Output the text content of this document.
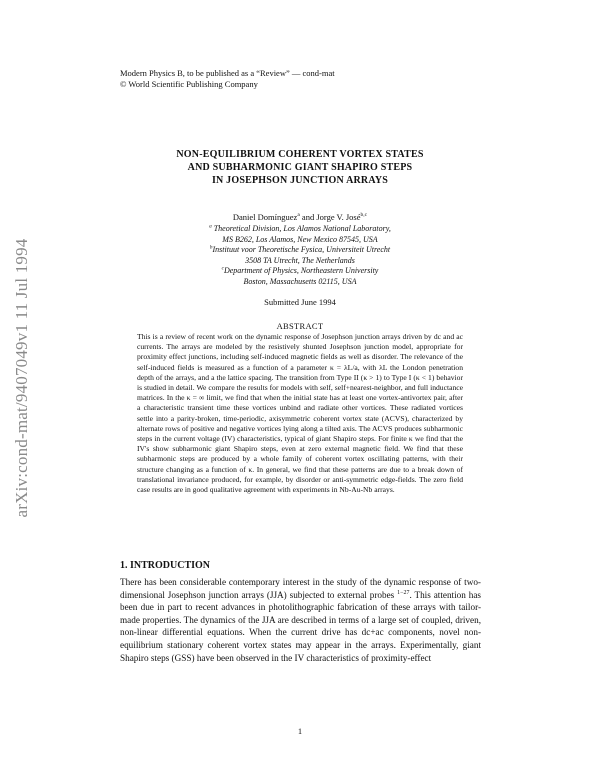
arXiv:cond-mat/9407049v1 11 Jul 1994
Modern Physics B, to be published as a “Review” — cond-mat
© World Scientific Publishing Company
NON-EQUILIBRIUM COHERENT VORTEX STATES
AND SUBHARMONIC GIANT SHAPIRO STEPS
IN JOSEPHSON JUNCTION ARRAYS
Daniel Domínguez$^a$ and Jorge V. José$^{b,c}$
$^a$ Theoretical Division, Los Alamos National Laboratory,
MS B262, Los Alamos, New Mexico 87545, USA
$^b$Instituut voor Theoretische Fysica, Universiteit Utrecht
3508 TA Utrecht, The Netherlands
$^c$Department of Physics, Northeastern University
Boston, Massachusetts 02115, USA
Submitted June 1994
ABSTRACT
This is a review of recent work on the dynamic response of Josephson junction arrays driven by dc and ac currents. The arrays are modeled by the resistively shunted Josephson junction model, appropriate for proximity effect junctions, including self-induced magnetic fields as well as disorder. The relevance of the self-induced fields is measured as a function of a parameter κ = λL/a, with λL the London penetration depth of the arrays, and a the lattice spacing. The transition from Type II (κ > 1) to Type I (κ < 1) behavior is studied in detail. We compare the results for models with self, self+nearest-neighbor, and full inductance matrices. In the κ = ∞ limit, we find that when the initial state has at least one vortex-antivortex pair, after a characteristic transient time these vortices unbind and radiate other vortices. These radiated vortices settle into a parity-broken, time-periodic, axisymmetric coherent vortex state (ACVS), characterized by alternate rows of positive and negative vortices lying along a tilted axis. The ACVS produces subharmonic steps in the current voltage (IV) characteristics, typical of giant Shapiro steps. For finite κ we find that the IV's show subharmonic giant Shapiro steps, even at zero external magnetic field. We find that these subharmonic steps are produced by a whole family of coherent vortex oscillating patterns, with their structure changing as a function of κ. In general, we find that these patterns are due to a break down of translational invariance produced, for example, by disorder or anti-symmetric edge-fields. The zero field case results are in good qualitative agreement with experiments in Nb-Au-Nb arrays.
1. INTRODUCTION
There has been considerable contemporary interest in the study of the dynamic response of two-dimensional Josephson junction arrays (JJA) subjected to external probes $^{1-27}$. This attention has been due in part to recent advances in photolithographic fabrication of these arrays with tailor-made properties. The dynamics of the JJA are described in terms of a large set of coupled, driven, non-linear differential equations. When the current drive has dc+ac components, novel non-equilibrium stationary coherent vortex states may appear in the arrays. Experimentally, giant Shapiro steps (GSS) have been observed in the IV characteristics of proximity-effect
1
